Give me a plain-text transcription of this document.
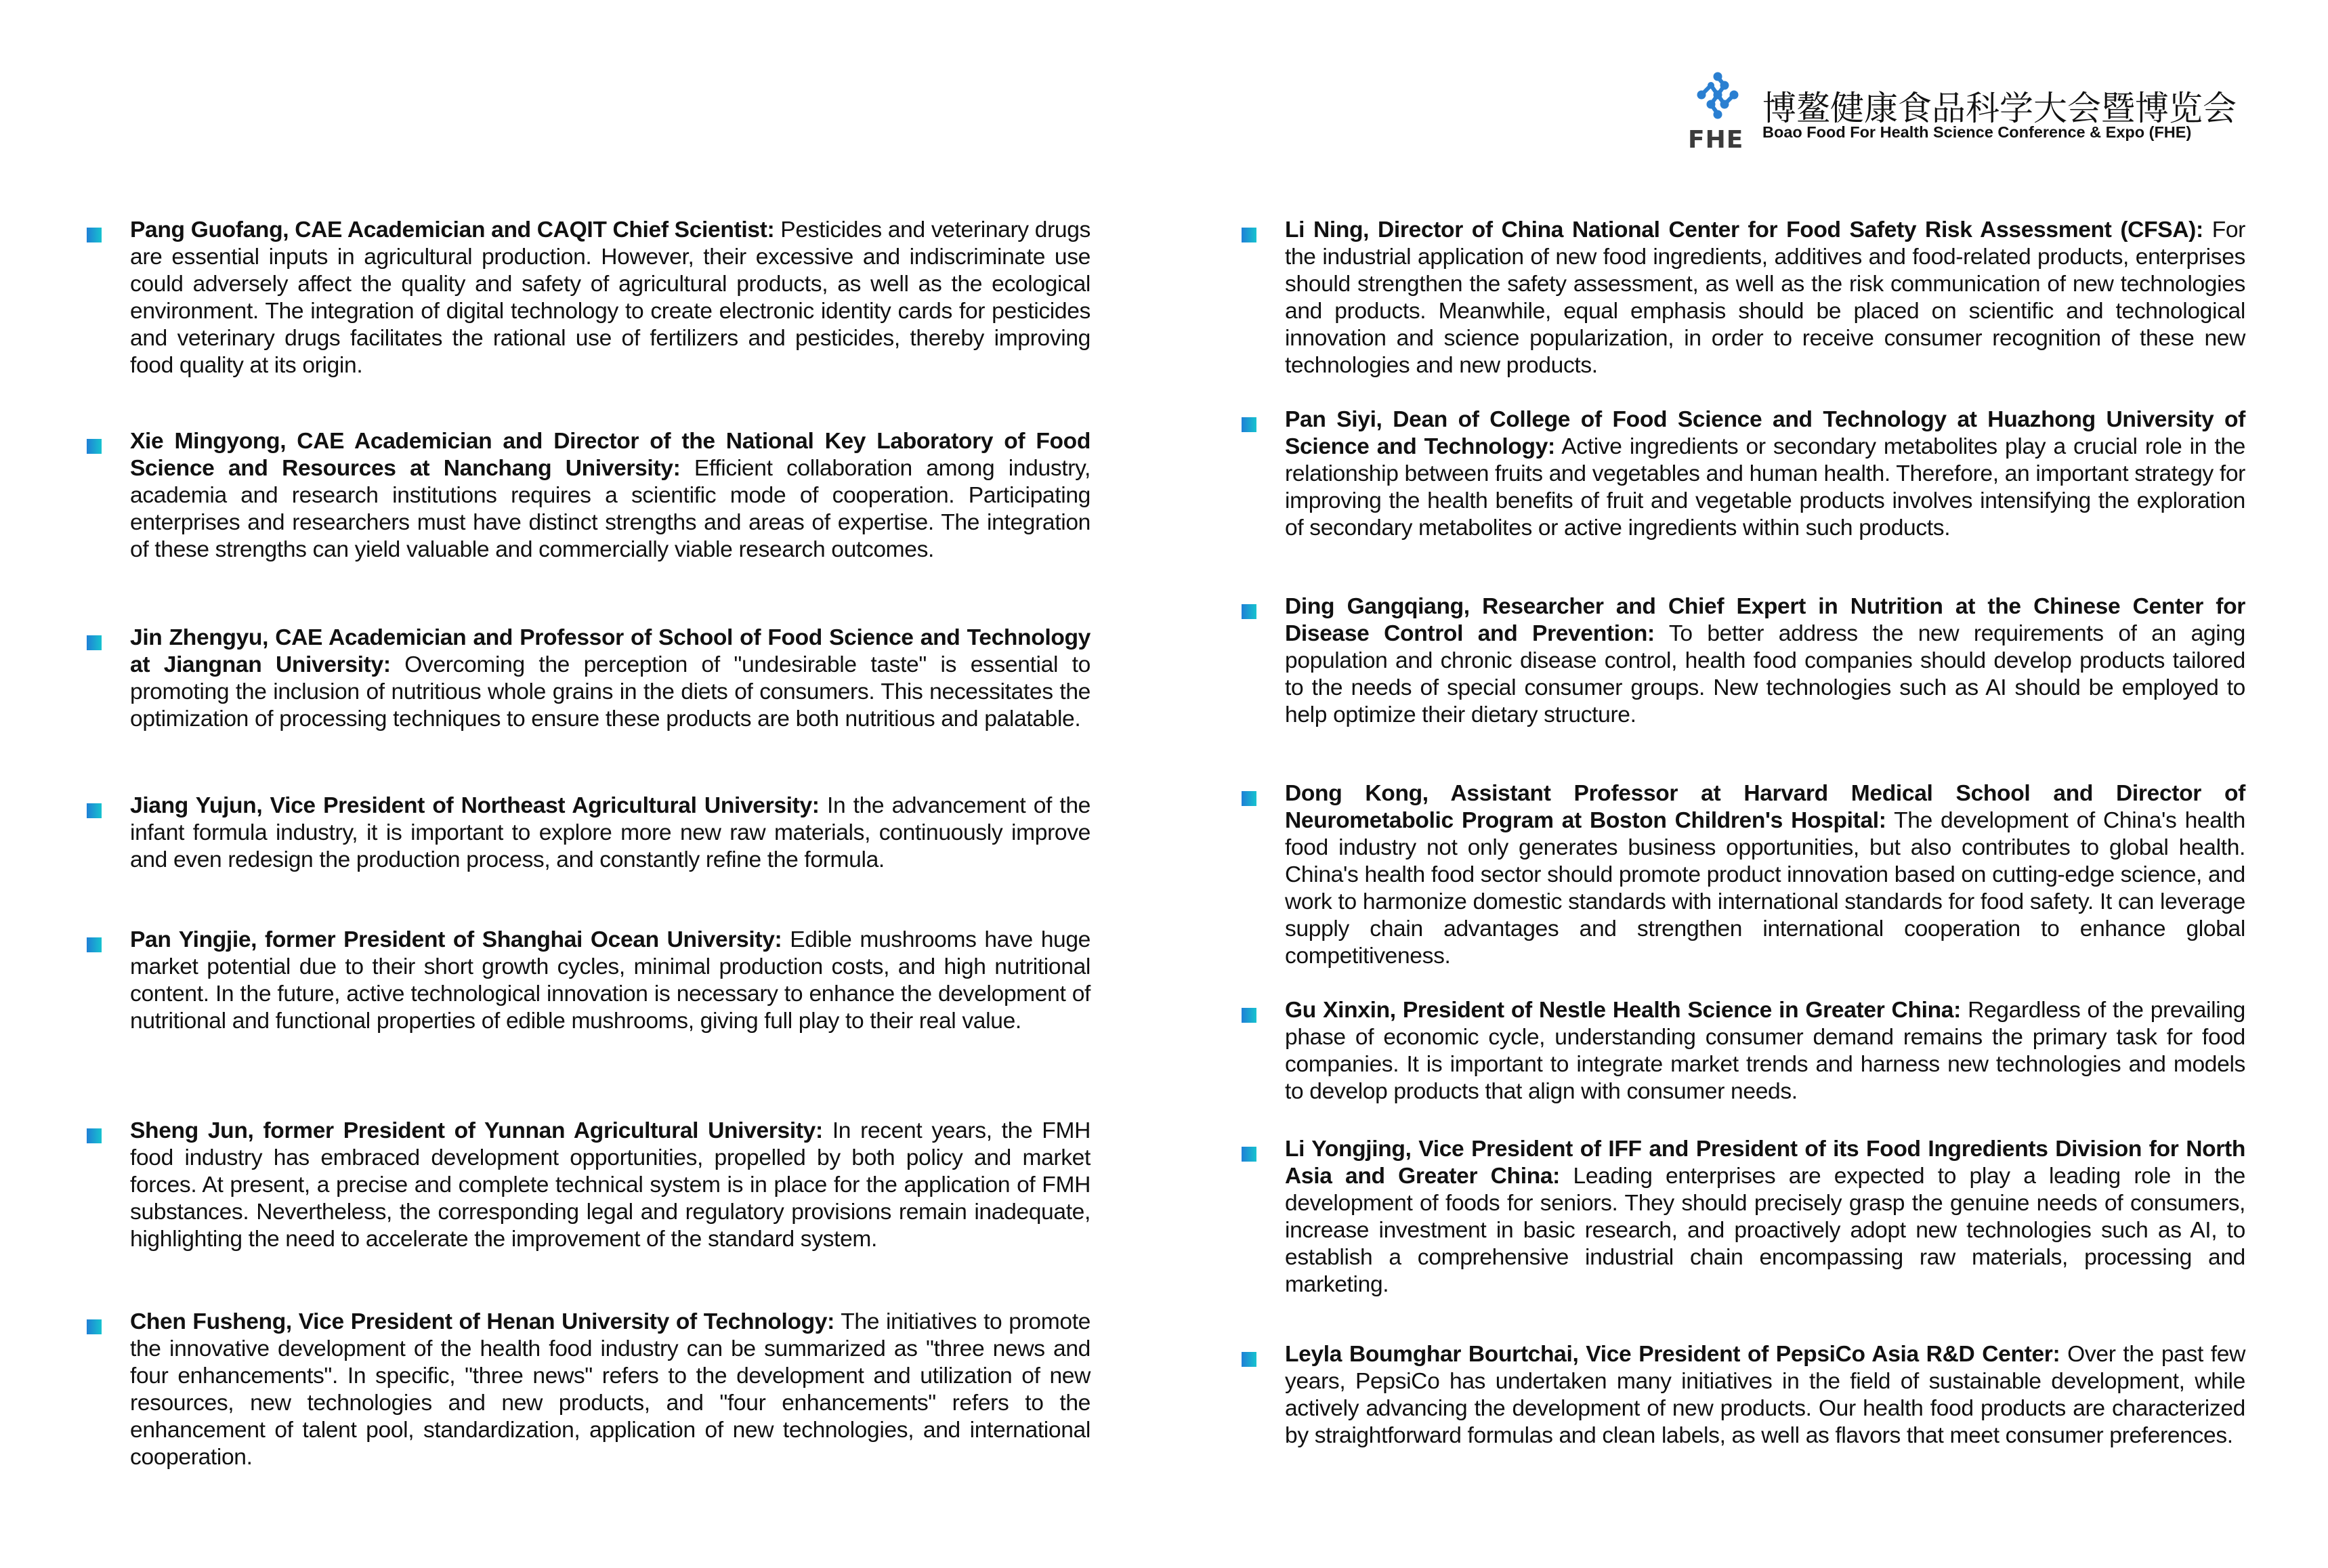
FHE
博鳌健康食品科学大会暨博览会
Boao Food For Health Science Conference & Expo (FHE)

Pang Guofang, CAE Academician and CAQIT Chief Scientist: Pesticides and veterinary drugs are essential inputs in agricultural production. However, their excessive and indiscriminate use could adversely affect the quality and safety of agricultural products, as well as the ecological environment. The integration of digital technology to create electronic identity cards for pesticides and veterinary drugs facilitates the rational use of fertilizers and pesticides, thereby improving food quality at its origin.

Xie Mingyong, CAE Academician and Director of the National Key Laboratory of Food Science and Resources at Nanchang University: Efficient collaboration among industry, academia and research institutions requires a scientific mode of cooperation. Participating enterprises and researchers must have distinct strengths and areas of expertise. The integration of these strengths can yield valuable and commercially viable research outcomes.

Jin Zhengyu, CAE Academician and Professor of School of Food Science and Technology at Jiangnan University: Overcoming the perception of "undesirable taste" is essential to promoting the inclusion of nutritious whole grains in the diets of consumers. This necessitates the optimization of processing techniques to ensure these products are both nutritious and palatable.

Jiang Yujun, Vice President of Northeast Agricultural University: In the advancement of the infant formula industry, it is important to explore more new raw materials, continuously improve and even redesign the production process, and constantly refine the formula.

Pan Yingjie, former President of Shanghai Ocean University: Edible mushrooms have huge market potential due to their short growth cycles, minimal production costs, and high nutritional content. In the future, active technological innovation is necessary to enhance the development of nutritional and functional properties of edible mushrooms, giving full play to their real value.

Sheng Jun, former President of Yunnan Agricultural University: In recent years, the FMH food industry has embraced development opportunities, propelled by both policy and market forces. At present, a precise and complete technical system is in place for the application of FMH substances. Nevertheless, the corresponding legal and regulatory provisions remain inadequate, highlighting the need to accelerate the improvement of the standard system.

Chen Fusheng, Vice President of Henan University of Technology: The initiatives to promote the innovative development of the health food industry can be summarized as "three news and four enhancements". In specific, "three news" refers to the development and utilization of new resources, new technologies and new products, and "four enhancements" refers to the enhancement of talent pool, standardization, application of new technologies, and international cooperation.

Li Ning, Director of China National Center for Food Safety Risk Assessment (CFSA): For the industrial application of new food ingredients, additives and food-related products, enterprises should strengthen the safety assessment, as well as the risk communication of new technologies and products. Meanwhile, equal emphasis should be placed on scientific and technological innovation and science popularization, in order to receive consumer recognition of these new technologies and new products.

Pan Siyi, Dean of College of Food Science and Technology at Huazhong University of Science and Technology: Active ingredients or secondary metabolites play a crucial role in the relationship between fruits and vegetables and human health. Therefore, an important strategy for improving the health benefits of fruit and vegetable products involves intensifying the exploration of secondary metabolites or active ingredients within such products.

Ding Gangqiang, Researcher and Chief Expert in Nutrition at the Chinese Center for Disease Control and Prevention: To better address the new requirements of an aging population and chronic disease control, health food companies should develop products tailored to the needs of special consumer groups. New technologies such as AI should be employed to help optimize their dietary structure.

Dong Kong, Assistant Professor at Harvard Medical School and Director of Neurometabolic Program at Boston Children's Hospital: The development of China's health food industry not only generates business opportunities, but also contributes to global health. China's health food sector should promote product innovation based on cutting-edge science, and work to harmonize domestic standards with international standards for food safety. It can leverage supply chain advantages and strengthen international cooperation to enhance global competitiveness.

Gu Xinxin, President of Nestle Health Science in Greater China: Regardless of the prevailing phase of economic cycle, understanding consumer demand remains the primary task for food companies. It is important to integrate market trends and harness new technologies and models to develop products that align with consumer needs.

Li Yongjing, Vice President of IFF and President of its Food Ingredients Division for North Asia and Greater China: Leading enterprises are expected to play a leading role in the development of foods for seniors. They should precisely grasp the genuine needs of consumers, increase investment in basic research, and proactively adopt new technologies such as AI, to establish a comprehensive industrial chain encompassing raw materials, processing and marketing.

Leyla Boumghar Bourtchai, Vice President of PepsiCo Asia R&D Center: Over the past few years, PepsiCo has undertaken many initiatives in the field of sustainable development, while actively advancing the development of new products. Our health food products are characterized by straightforward formulas and clean labels, as well as flavors that meet consumer preferences.
